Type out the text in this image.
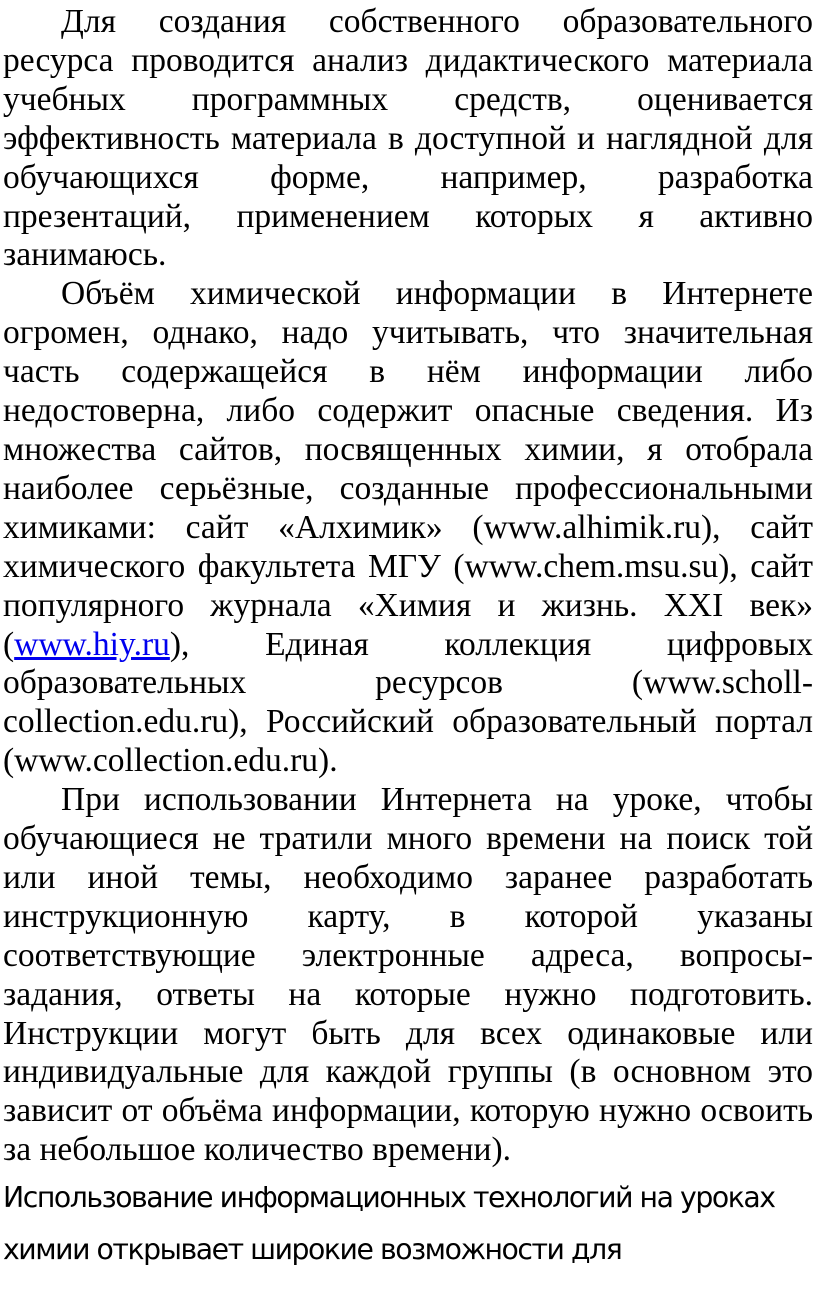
Для создания собственного образовательного ресурса проводится анализ дидактического материала учебных программных средств, оценивается эффективность материала в доступной и наглядной для обучающихся форме, например, разработка презентаций, применением которых я активно занимаюсь.

Объём химической информации в Интернете огромен, однако, надо учитывать, что значительная часть содержащейся в нём информации либо недостоверна, либо содержит опасные сведения. Из множества сайтов, посвященных химии, я отобрала наиболее серьёзные, созданные профессиональными химиками: сайт «Алхимик» (www.alhimik.ru), сайт химического факультета МГУ (www.chem.msu.su), сайт популярного журнала «Химия и жизнь. XXI век» (www.hiy.ru), Единая коллекция цифровых образовательных ресурсов (www.scholl-collection.edu.ru), Российский образовательный портал (www.collection.edu.ru).

При использовании Интернета на уроке, чтобы обучающиеся не тратили много времени на поиск той или иной темы, необходимо заранее разработать инструкционную карту, в которой указаны соответствующие электронные адреса, вопросы-задания, ответы на которые нужно подготовить. Инструкции могут быть для всех одинаковые или индивидуальные для каждой группы (в основном это зависит от объёма информации, которую нужно освоить за небольшое количество времени).

Использование информационных технологий на уроках
химии открывает широкие возможности для
